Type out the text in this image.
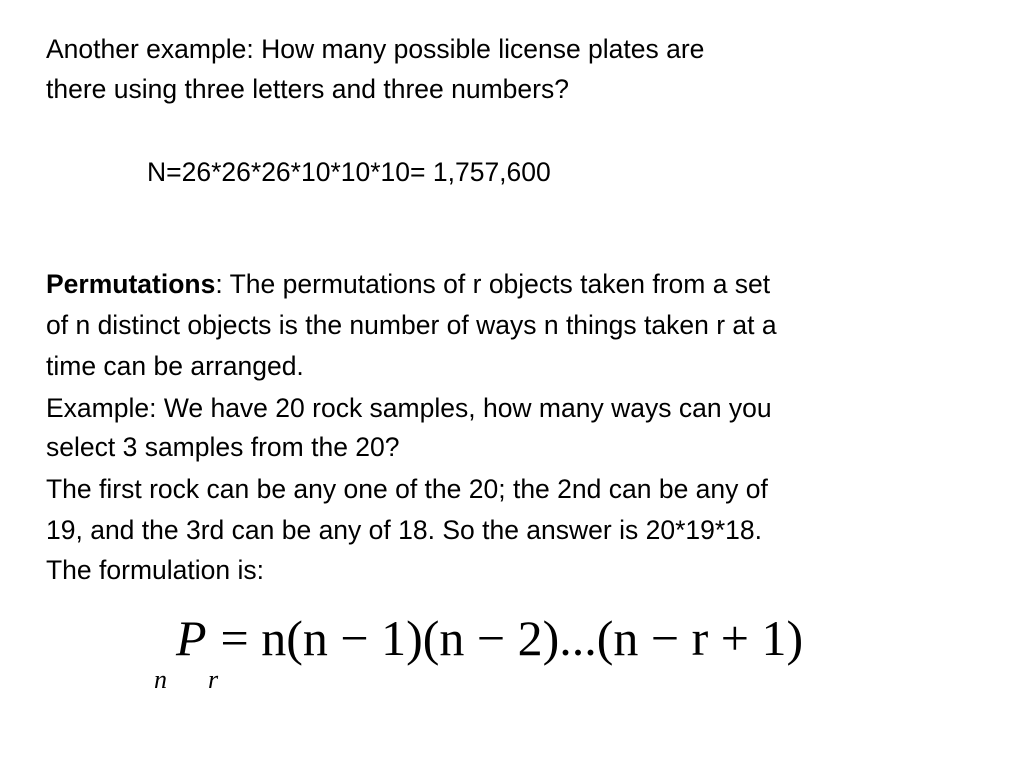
Another example: How many possible license plates are
there using three letters and three numbers?
N=26*26*26*10*10*10= 1,757,600
Permutations: The permutations of r objects taken from a set
of n distinct objects is the number of ways n things taken r at a
time can be arranged.
Example: We have 20 rock samples, how many ways can you
select 3 samples from the 20?
The first rock can be any one of the 20; the 2nd can be any of
19, and the 3rd can be any of 18. So the answer is 20*19*18.
The formulation is:
n
P = n(n − 1)(n − 2)...(n − r + 1)
r
